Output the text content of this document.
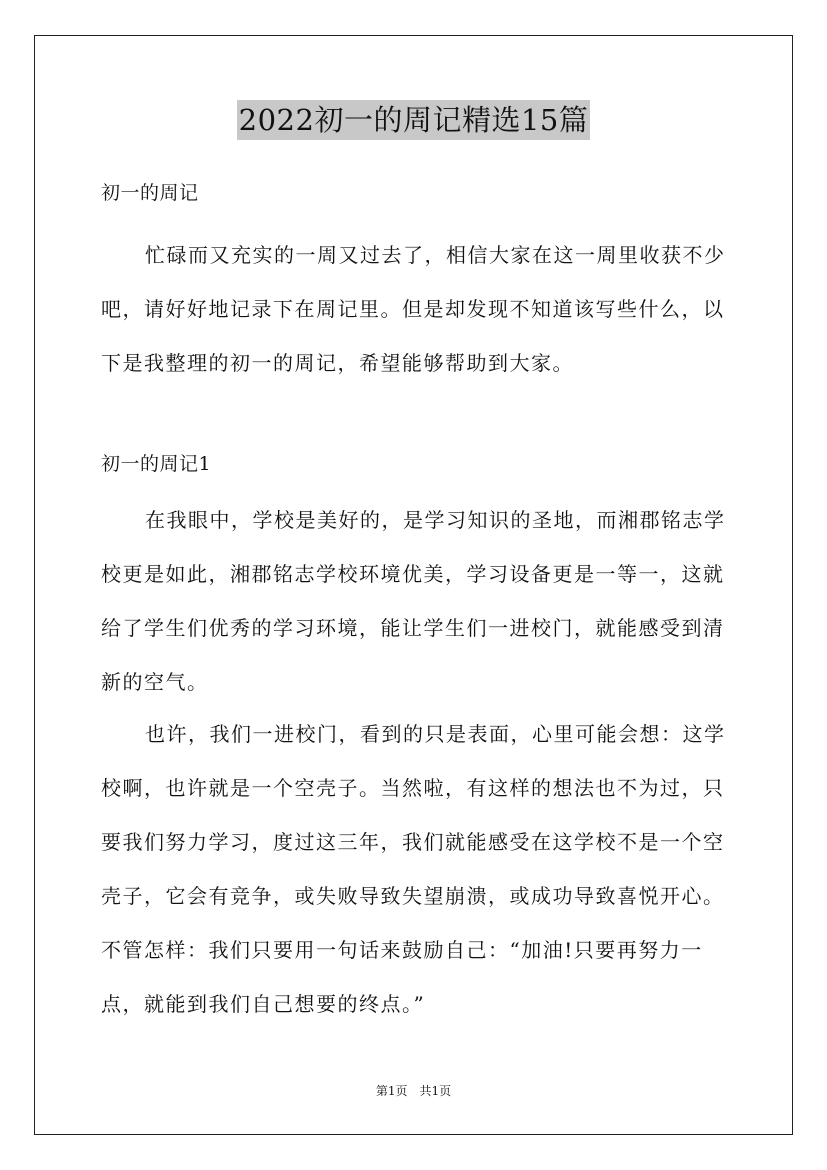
2022初一的周记精选15篇

初一的周记

忙碌而又充实的一周又过去了，相信大家在这一周里收获不少吧，请好好地记录下在周记里。但是却发现不知道该写些什么，以下是我整理的初一的周记，希望能够帮助到大家。

初一的周记1

在我眼中，学校是美好的，是学习知识的圣地，而湘郡铭志学校更是如此，湘郡铭志学校环境优美，学习设备更是一等一，这就给了学生们优秀的学习环境，能让学生们一进校门，就能感受到清新的空气。

也许，我们一进校门，看到的只是表面，心里可能会想：这学校啊，也许就是一个空壳子。当然啦，有这样的想法也不为过，只要我们努力学习，度过这三年，我们就能感受在这学校不是一个空壳子，它会有竞争，或失败导致失望崩溃，或成功导致喜悦开心。不管怎样：我们只要用一句话来鼓励自己：“加油!只要再努力一点，就能到我们自己想要的终点。”

第1页 共1页
